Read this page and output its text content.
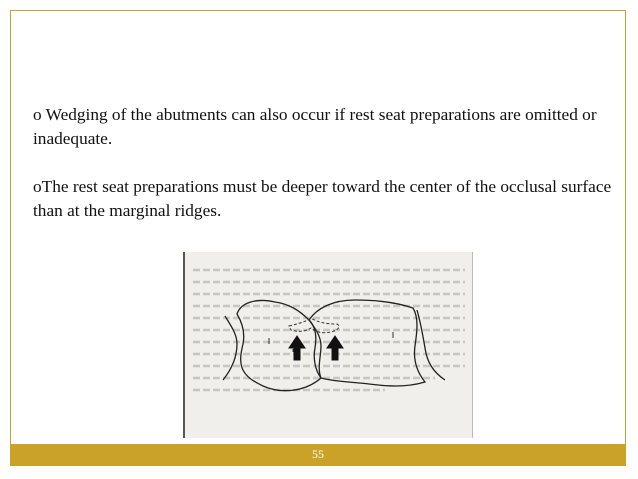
o Wedging of the abutments can also occur if rest seat preparations are omitted or inadequate.

oThe rest seat preparations must be deeper toward the center of the occlusal surface than at the marginal ridges.

55
